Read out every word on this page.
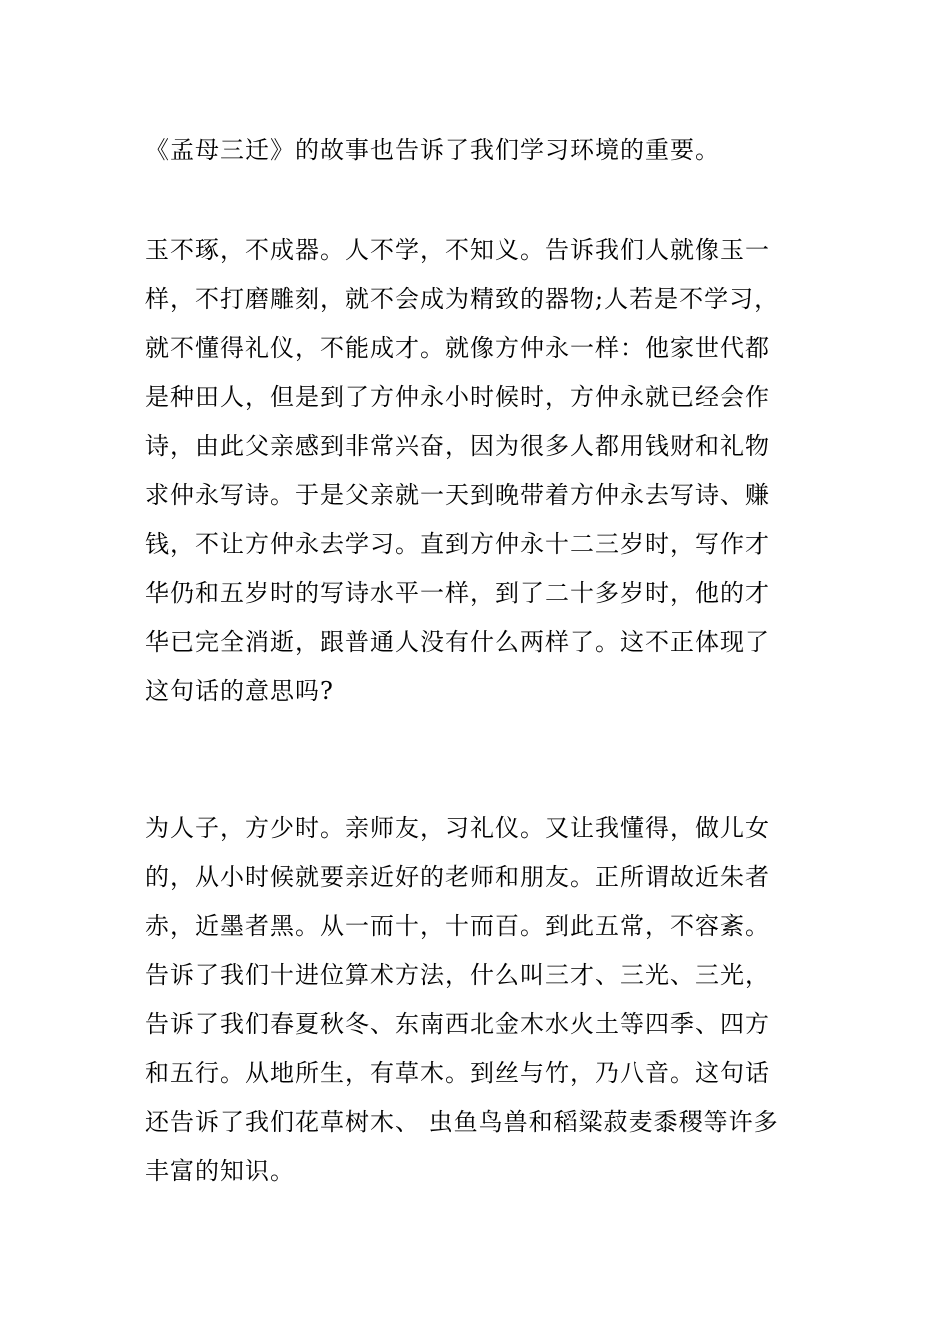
《孟母三迁》的故事也告诉了我们学习环境的重要。
玉不琢，不成器。人不学，不知义。告诉我们人就像玉一
样，不打磨雕刻，就不会成为精致的器物;人若是不学习，
就不懂得礼仪，不能成才。就像方仲永一样：他家世代都
是种田人，但是到了方仲永小时候时，方仲永就已经会作
诗，由此父亲感到非常兴奋，因为很多人都用钱财和礼物
求仲永写诗。于是父亲就一天到晚带着方仲永去写诗、赚
钱，不让方仲永去学习。直到方仲永十二三岁时，写作才
华仍和五岁时的写诗水平一样，到了二十多岁时，他的才
华已完全消逝，跟普通人没有什么两样了。这不正体现了
这句话的意思吗?
为人子，方少时。亲师友，习礼仪。又让我懂得，做儿女
的，从小时候就要亲近好的老师和朋友。正所谓故近朱者
赤，近墨者黑。从一而十，十而百。到此五常，不容紊。
告诉了我们十进位算术方法，什么叫三才、三光、三光，
告诉了我们春夏秋冬、东南西北金木水火土等四季、四方
和五行。从地所生，有草木。到丝与竹，乃八音。这句话
还告诉了我们花草树木、 虫鱼鸟兽和稻粱菽麦黍稷等许多
丰富的知识。
